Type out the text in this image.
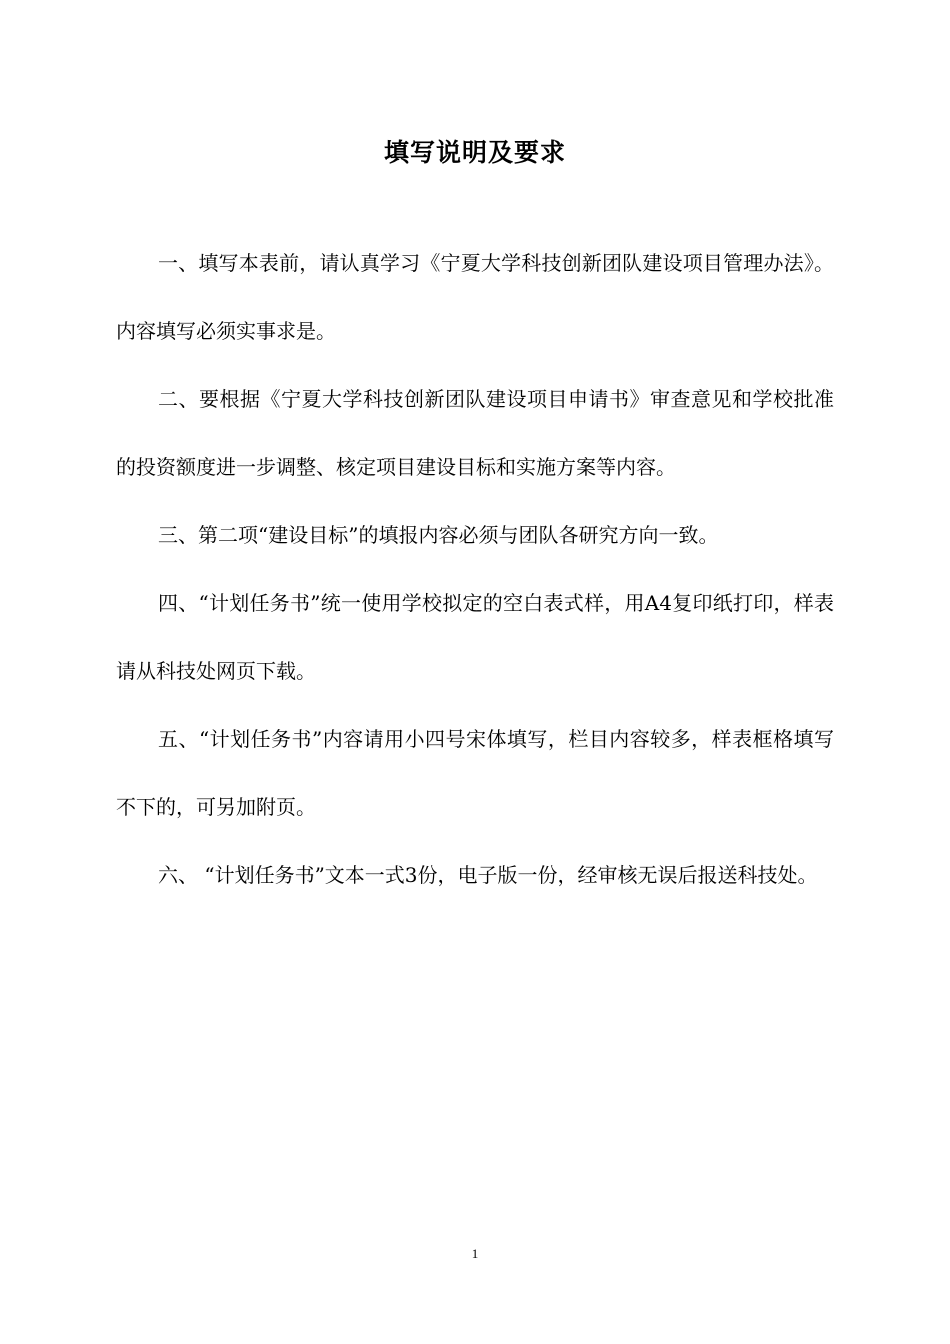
填写说明及要求

一、填写本表前，请认真学习《宁夏大学科技创新团队建设项目管理办法》。内容填写必须实事求是。

二、要根据《宁夏大学科技创新团队建设项目申请书》审查意见和学校批准的投资额度进一步调整、核定项目建设目标和实施方案等内容。

三、第二项“建设目标”的填报内容必须与团队各研究方向一致。

四、“计划任务书”统一使用学校拟定的空白表式样，用A4复印纸打印，样表请从科技处网页下载。

五、“计划任务书”内容请用小四号宋体填写，栏目内容较多，样表框格填写不下的，可另加附页。

六、 “计划任务书”文本一式3份，电子版一份，经审核无误后报送科技处。

1
